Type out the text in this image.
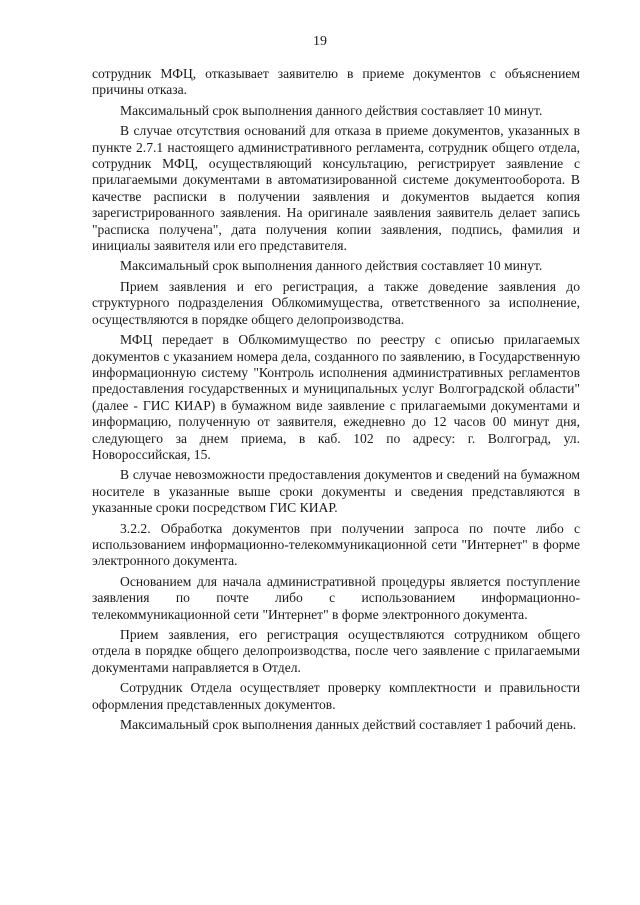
19

сотрудник МФЦ, отказывает заявителю в приеме документов с объяснением причины отказа.

Максимальный срок выполнения данного действия составляет 10 минут.

В случае отсутствия оснований для отказа в приеме документов, указанных в пункте 2.7.1 настоящего административного регламента, сотрудник общего отдела, сотрудник МФЦ, осуществляющий консультацию, регистрирует заявление с прилагаемыми документами в автоматизированной системе документооборота. В качестве расписки в получении заявления и документов выдается копия зарегистрированного заявления. На оригинале заявления заявитель делает запись "расписка получена", дата получения копии заявления, подпись, фамилия и инициалы заявителя или его представителя.

Максимальный срок выполнения данного действия составляет 10 минут.

Прием заявления и его регистрация, а также доведение заявления до структурного подразделения Облкомимущества, ответственного за исполнение, осуществляются в порядке общего делопроизводства.

МФЦ передает в Облкомимущество по реестру с описью прилагаемых документов с указанием номера дела, созданного по заявлению, в Государственную информационную систему "Контроль исполнения административных регламентов предоставления государственных и муниципальных услуг Волгоградской области" (далее - ГИС КИАР) в бумажном виде заявление с прилагаемыми документами и информацию, полученную от заявителя, ежедневно до 12 часов 00 минут дня, следующего за днем приема, в каб. 102 по адресу: г. Волгоград, ул. Новороссийская, 15.

В случае невозможности предоставления документов и сведений на бумажном носителе в указанные выше сроки документы и сведения представляются в указанные сроки посредством ГИС КИАР.

3.2.2. Обработка документов при получении запроса по почте либо с использованием информационно-телекоммуникационной сети "Интернет" в форме электронного документа.

Основанием для начала административной процедуры является поступление заявления по почте либо с использованием информационно-телекоммуникационной сети "Интернет" в форме электронного документа.

Прием заявления, его регистрация осуществляются сотрудником общего отдела в порядке общего делопроизводства, после чего заявление с прилагаемыми документами направляется в Отдел.

Сотрудник Отдела осуществляет проверку комплектности и правильности оформления представленных документов.

Максимальный срок выполнения данных действий составляет 1 рабочий день.
